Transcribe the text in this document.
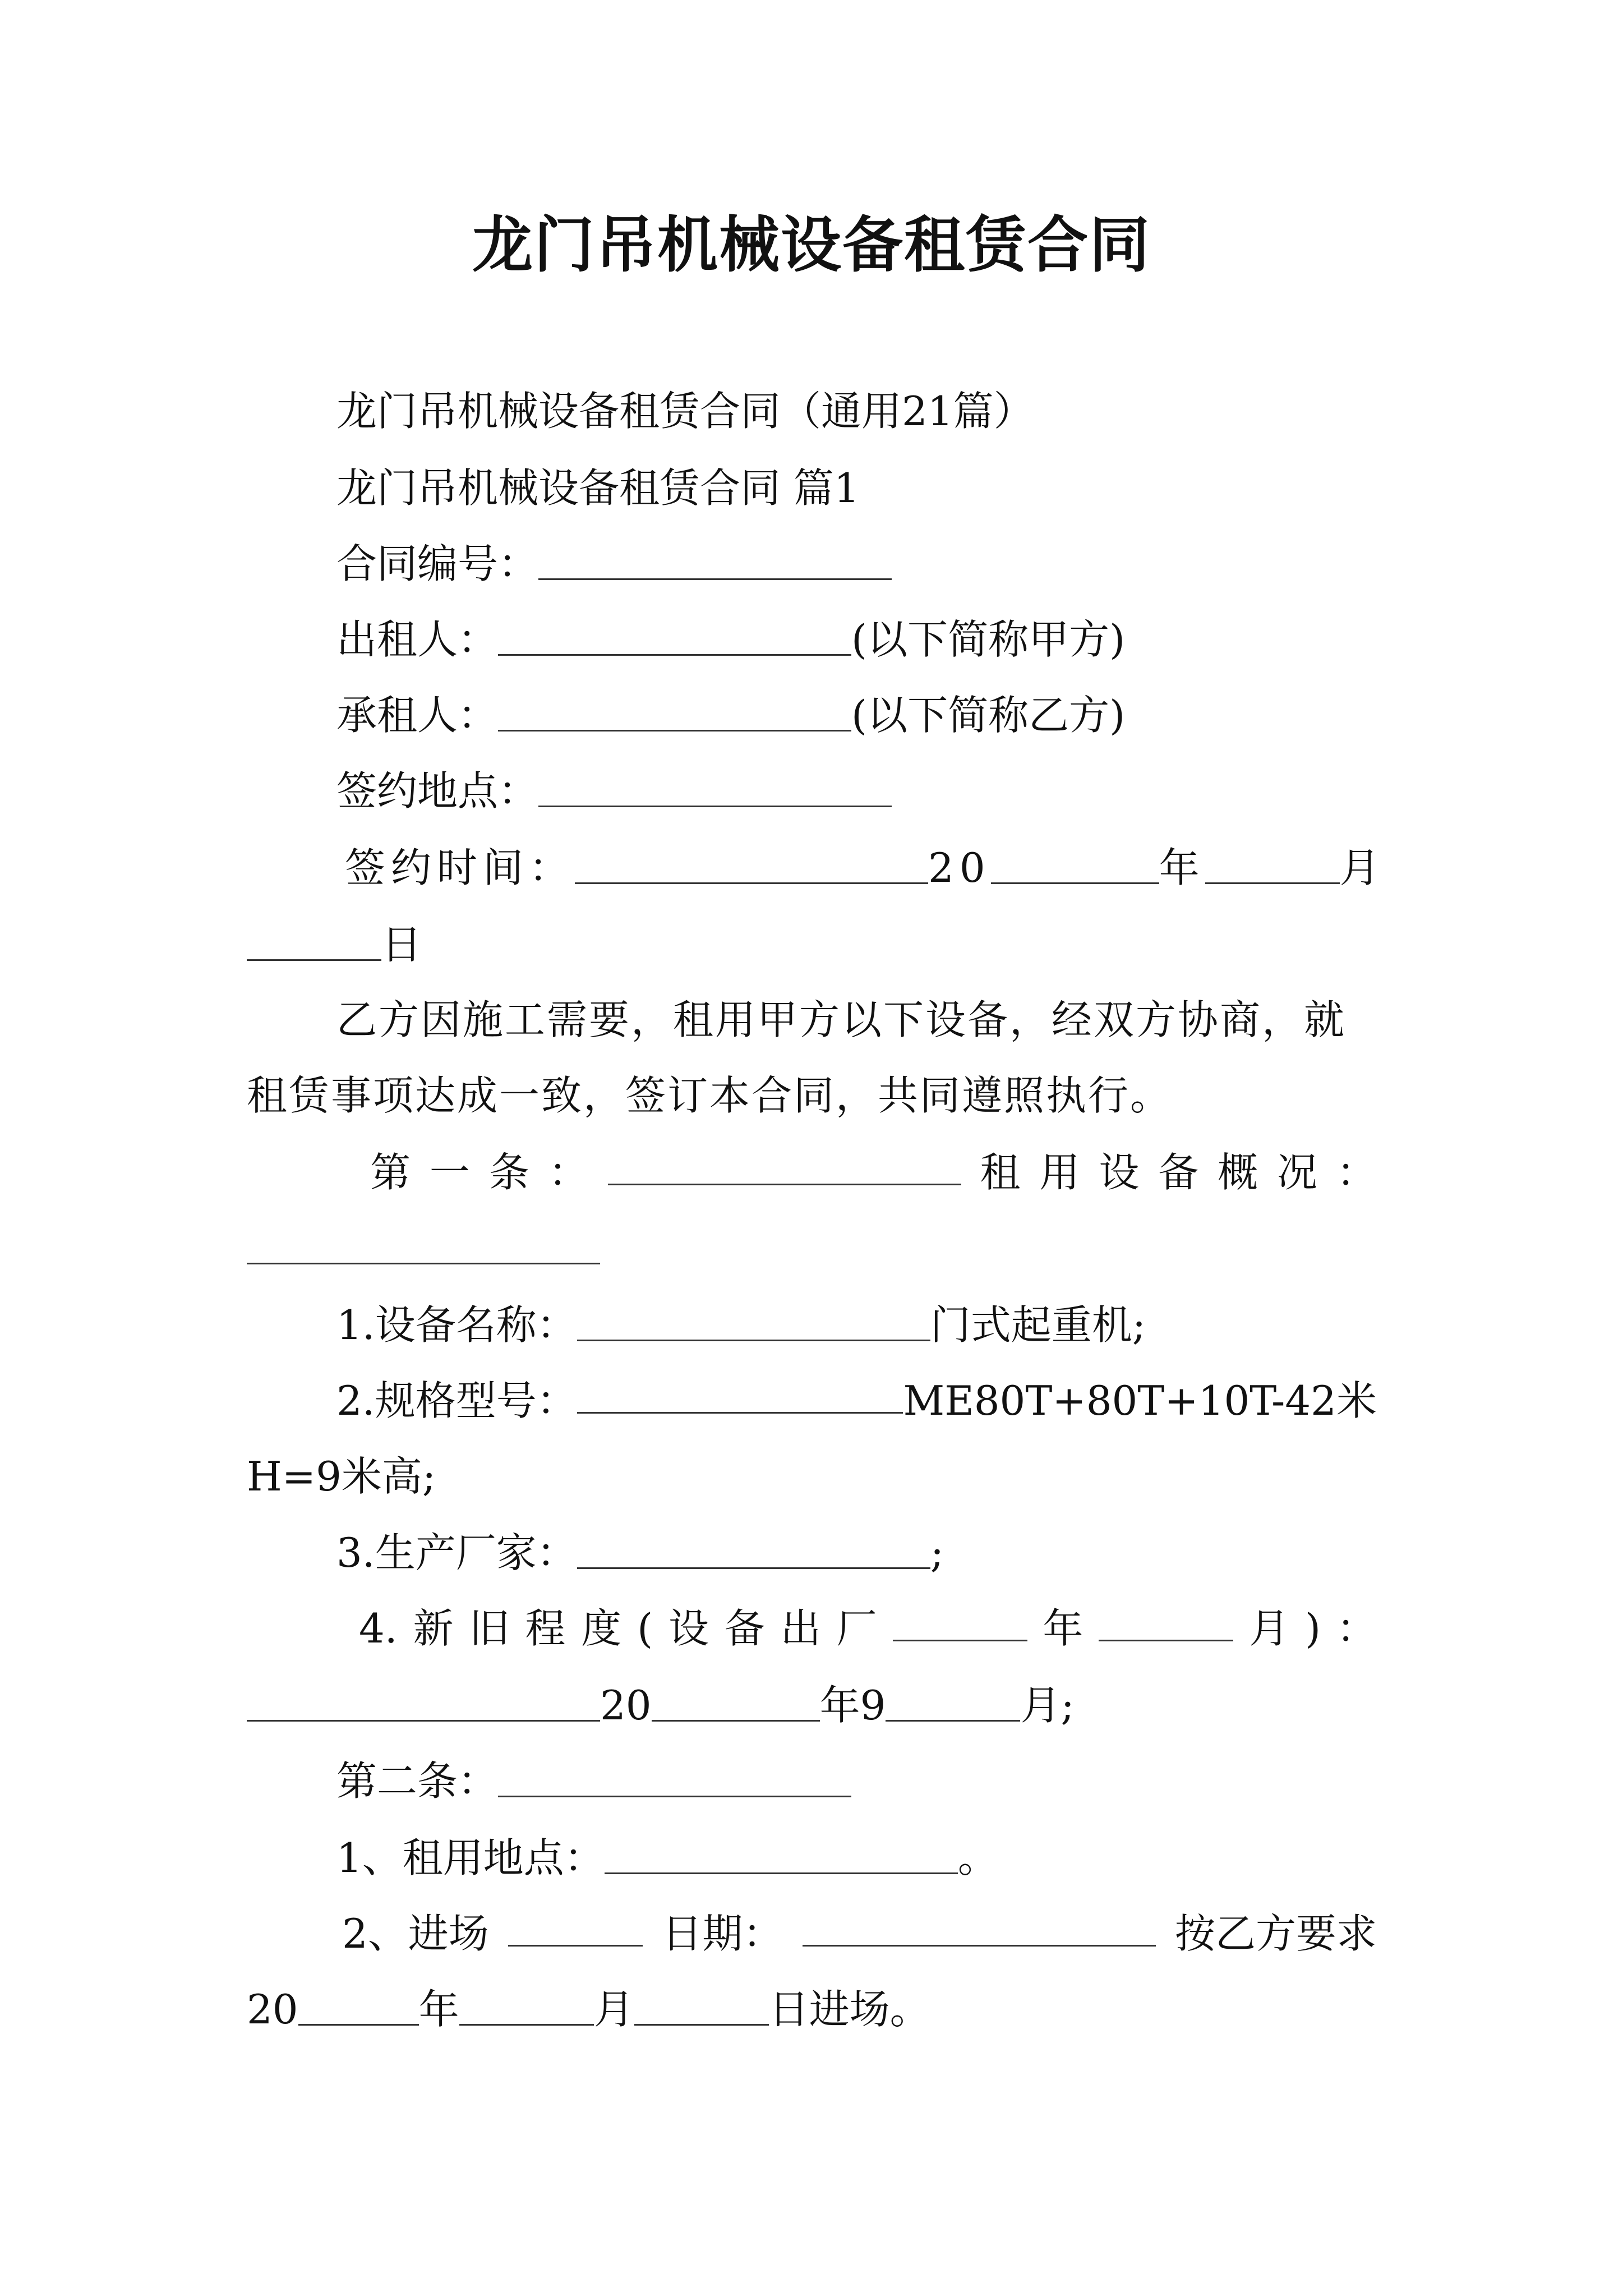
龙门吊机械设备租赁合同
龙门吊机械设备租赁合同（通用21篇）
龙门吊机械设备租赁合同 篇1
合同编号：
出租人：	(以下简称甲方)
承租人：	(以下简称乙方)
签约地点：
签约时间：	20	年	月
日
乙方因施工需要，租用甲方以下设备，经双方协商，就
租赁事项达成一致，签订本合同，共同遵照执行。
第 一 条 ：	租 用 设 备 概 况 ：
1.设备名称：	门式起重机;
2.规格型号：	ME80T+80T+10T-42米
H=9米高;
3.生产厂家：	;
4. 新 旧 程 度 ( 设 备 出 厂	年	月 ) ：
20	年9	月;
第二条：
1、租用地点：	。
2、进场	日期：	按乙方要求
20	年	月	日进场。
